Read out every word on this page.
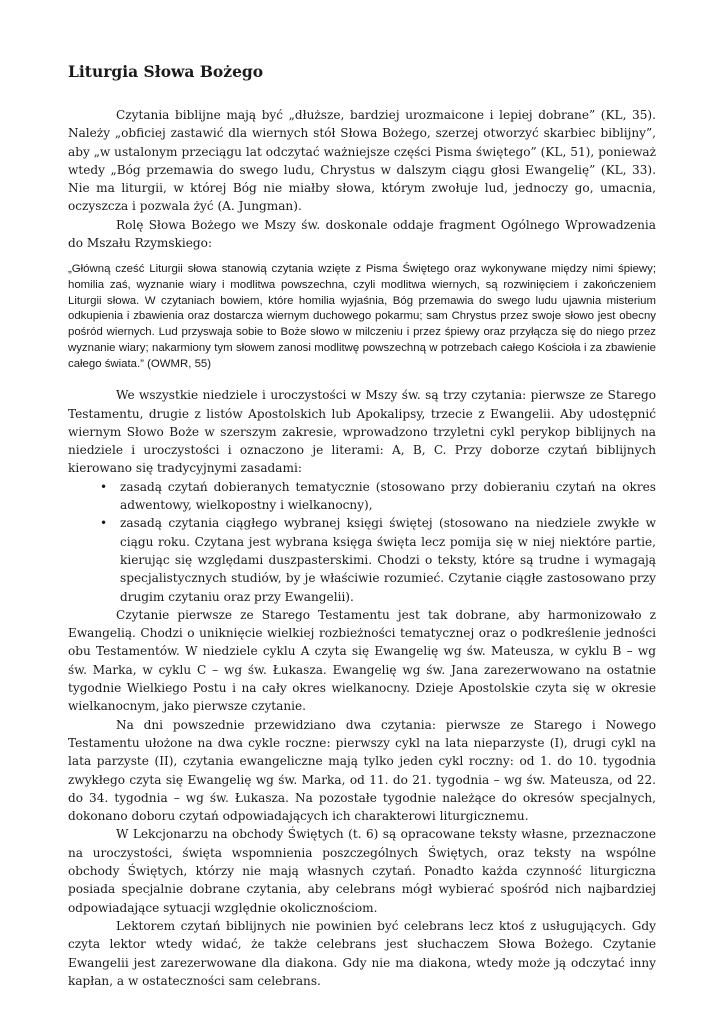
Liturgia Słowa Bożego

Czytania biblijne mają być „dłuższe, bardziej urozmaicone i lepiej dobrane” (KL, 35). Należy „obficiej zastawić dla wiernych stół Słowa Bożego, szerzej otworzyć skarbiec biblijny”, aby „w ustalonym przeciągu lat odczytać ważniejsze części Pisma świętego” (KL, 51), ponieważ wtedy „Bóg przemawia do swego ludu, Chrystus w dalszym ciągu głosi Ewangelię” (KL, 33). Nie ma liturgii, w której Bóg nie miałby słowa, którym zwołuje lud, jednoczy go, umacnia, oczyszcza i pozwala żyć (A. Jungman).

Rolę Słowa Bożego we Mszy św. doskonale oddaje fragment Ogólnego Wprowadzenia do Mszału Rzymskiego:

„Główną cześć Liturgii słowa stanowią czytania wzięte z Pisma Świętego oraz wykonywane między nimi śpiewy; homilia zaś, wyznanie wiary i modlitwa powszechna, czyli modlitwa wiernych, są rozwinięciem i zakończeniem Liturgii słowa. W czytaniach bowiem, które homilia wyjaśnia, Bóg przemawia do swego ludu ujawnia misterium odkupienia i zbawienia oraz dostarcza wiernym duchowego pokarmu; sam Chrystus przez swoje słowo jest obecny pośród wiernych. Lud przyswaja sobie to Boże słowo w milczeniu i przez śpiewy oraz przyłącza się do niego przez wyznanie wiary; nakarmiony tym słowem zanosi modlitwę powszechną w potrzebach całego Kościoła i za zbawienie całego świata.” (OWMR, 55)

We wszystkie niedziele i uroczystości w Mszy św. są trzy czytania: pierwsze ze Starego Testamentu, drugie z listów Apostolskich lub Apokalipsy, trzecie z Ewangelii. Aby udostępnić wiernym Słowo Boże w szerszym zakresie, wprowadzono trzyletni cykl perykop biblijnych na niedziele i uroczystości i oznaczono je literami: A, B, C. Przy doborze czytań biblijnych kierowano się tradycyjnymi zasadami:

• zasadą czytań dobieranych tematycznie (stosowano przy dobieraniu czytań na okres adwentowy, wielkopostny i wielkanocny),
• zasadą czytania ciągłego wybranej księgi świętej (stosowano na niedziele zwykłe w ciągu roku. Czytana jest wybrana księga święta lecz pomija się w niej niektóre partie, kierując się względami duszpasterskimi. Chodzi o teksty, które są trudne i wymagają specjalistycznych studiów, by je właściwie rozumieć. Czytanie ciągłe zastosowano przy drugim czytaniu oraz przy Ewangelii).

Czytanie pierwsze ze Starego Testamentu jest tak dobrane, aby harmonizowało z Ewangelią. Chodzi o uniknięcie wielkiej rozbieżności tematycznej oraz o podkreślenie jedności obu Testamentów. W niedziele cyklu A czyta się Ewangelię wg św. Mateusza, w cyklu B – wg św. Marka, w cyklu C – wg św. Łukasza. Ewangelię wg św. Jana zarezerwowano na ostatnie tygodnie Wielkiego Postu i na cały okres wielkanocny. Dzieje Apostolskie czyta się w okresie wielkanocnym, jako pierwsze czytanie.

Na dni powszednie przewidziano dwa czytania: pierwsze ze Starego i Nowego Testamentu ułożone na dwa cykle roczne: pierwszy cykl na lata nieparzyste (I), drugi cykl na lata parzyste (II), czytania ewangeliczne mają tylko jeden cykl roczny: od 1. do 10. tygodnia zwykłego czyta się Ewangelię wg św. Marka, od 11. do 21. tygodnia – wg św. Mateusza, od 22. do 34. tygodnia – wg św. Łukasza. Na pozostałe tygodnie należące do okresów specjalnych, dokonano doboru czytań odpowiadających ich charakterowi liturgicznemu.

W Lekcjonarzu na obchody Świętych (t. 6) są opracowane teksty własne, przeznaczone na uroczystości, święta wspomnienia poszczególnych Świętych, oraz teksty na wspólne obchody Świętych, którzy nie mają własnych czytań. Ponadto każda czynność liturgiczna posiada specjalnie dobrane czytania, aby celebrans mógł wybierać spośród nich najbardziej odpowiadające sytuacji względnie okolicznościom.

Lektorem czytań biblijnych nie powinien być celebrans lecz ktoś z usługujących. Gdy czyta lektor wtedy widać, że także celebrans jest słuchaczem Słowa Bożego. Czytanie Ewangelii jest zarezerwowane dla diakona. Gdy nie ma diakona, wtedy może ją odczytać inny kapłan, a w ostateczności sam celebrans.
